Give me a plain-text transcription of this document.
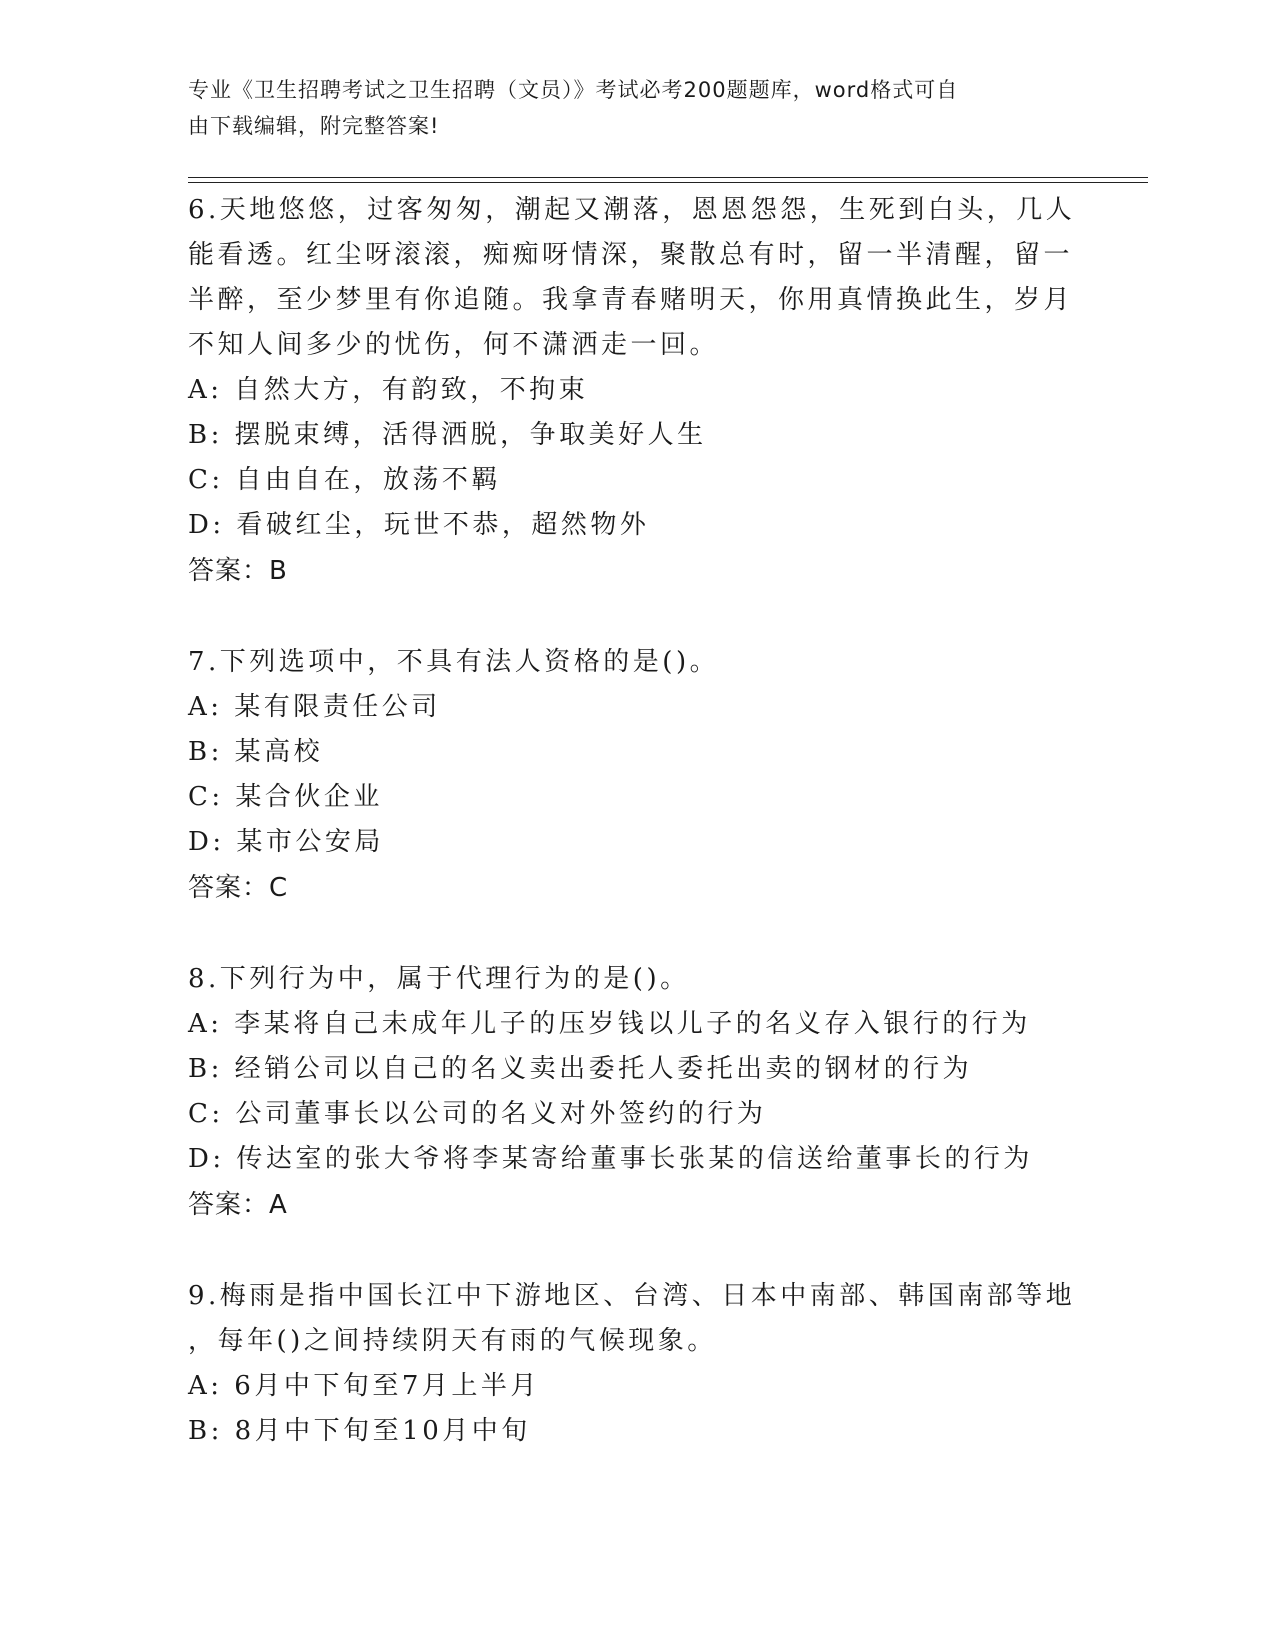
专业《卫生招聘考试之卫生招聘（文员）》考试必考200题题库，word格式可自
由下载编辑，附完整答案!
6.天地悠悠，过客匆匆，潮起又潮落，恩恩怨怨，生死到白头，几人
能看透。红尘呀滚滚，痴痴呀情深，聚散总有时，留一半清醒，留一
半醉，至少梦里有你追随。我拿青春赌明天，你用真情换此生，岁月
不知人间多少的忧伤，何不潇洒走一回。
A: 自然大方，有韵致，不拘束
B: 摆脱束缚，活得洒脱，争取美好人生
C: 自由自在，放荡不羁
D: 看破红尘，玩世不恭，超然物外
答案：B
7.下列选项中，不具有法人资格的是()。
A: 某有限责任公司
B: 某高校
C: 某合伙企业
D: 某市公安局
答案：C
8.下列行为中，属于代理行为的是()。
A: 李某将自己未成年儿子的压岁钱以儿子的名义存入银行的行为
B: 经销公司以自己的名义卖出委托人委托出卖的钢材的行为
C: 公司董事长以公司的名义对外签约的行为
D: 传达室的张大爷将李某寄给董事长张某的信送给董事长的行为
答案：A
9.梅雨是指中国长江中下游地区、台湾、日本中南部、韩国南部等地
，每年()之间持续阴天有雨的气候现象。
A: 6月中下旬至7月上半月
B: 8月中下旬至10月中旬
